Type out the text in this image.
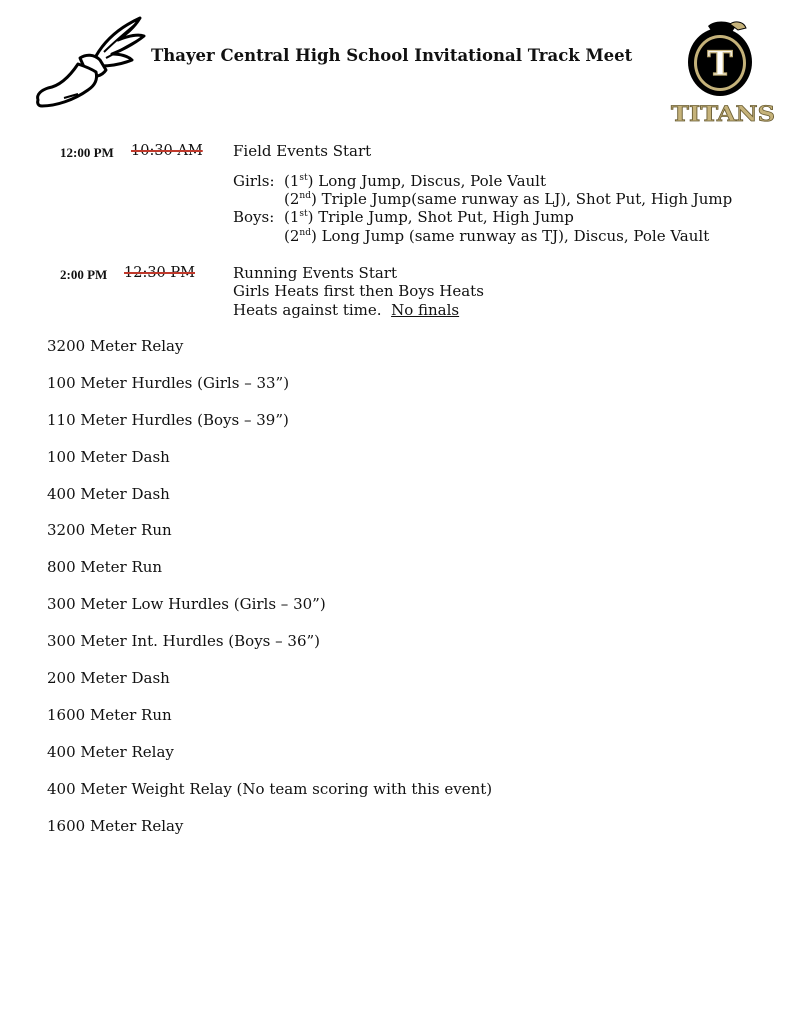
Thayer Central High School Invitational Track Meet T
TITANS
12:00 PM 10:30 AM Field Events Start
Girls: (1st) Long Jump, Discus, Pole Vault
(2nd) Triple Jump(same runway as LJ), Shot Put, High Jump
Boys: (1st) Triple Jump, Shot Put, High Jump
(2nd) Long Jump (same runway as TJ), Discus, Pole Vault
2:00 PM 12:30 PM	Running Events Start
Girls Heats first then Boys Heats
Heats against time. No finals
3200 Meter Relay
100 Meter Hurdles (Girls – 33”)
110 Meter Hurdles (Boys – 39”)
100 Meter Dash
400 Meter Dash
3200 Meter Run
800 Meter Run
300 Meter Low Hurdles (Girls – 30”)
300 Meter Int. Hurdles (Boys – 36”)
200 Meter Dash
1600 Meter Run
400 Meter Relay
400 Meter Weight Relay (No team scoring with this event)
1600 Meter Relay
